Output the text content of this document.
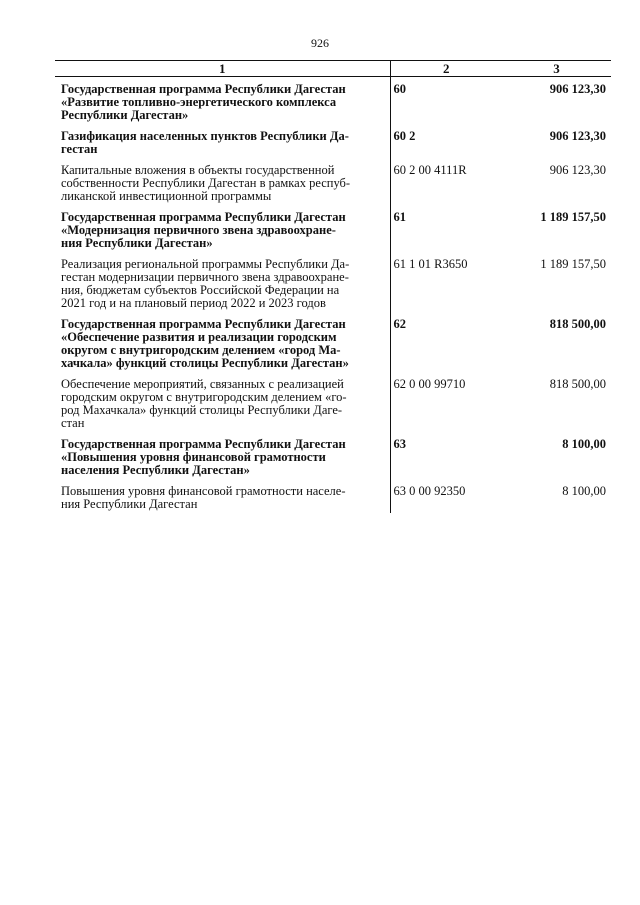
926
1	2	3

Государственная программа Республики Дагестан
«Развитие топливно-энергетического комплекса
Республики Дагестан»	60	906 123,30

Газификация населенных пунктов Республики Да-
гестан	60 2	906 123,30

Капитальные вложения в объекты государственной
собственности Республики Дагестан в рамках респуб-
ликанской инвестиционной программы	60 2 00 4111R	906 123,30

Государственная программа Республики Дагестан
«Модернизация первичного звена здравоохране-
ния Республики Дагестан»	61	1 189 157,50

Реализация региональной программы Республики Да-
гестан модернизации первичного звена здравоохране-
ния, бюджетам субъектов Российской Федерации на
2021 год и на плановый период 2022 и 2023 годов	61 1 01 R3650	1 189 157,50

Государственная программа Республики Дагестан
«Обеспечение развития и реализации городским
округом с внутригородским делением «город Ма-
хачкала» функций столицы Республики Дагестан»	62	818 500,00

Обеспечение мероприятий, связанных с реализацией
городским округом с внутригородским делением «го-
род Махачкала» функций столицы Республики Даге-
стан	62 0 00 99710	818 500,00

Государственная программа Республики Дагестан
«Повышения уровня финансовой грамотности
населения Республики Дагестан»	63	8 100,00

Повышения уровня финансовой грамотности населе-
ния Республики Дагестан	63 0 00 92350	8 100,00
